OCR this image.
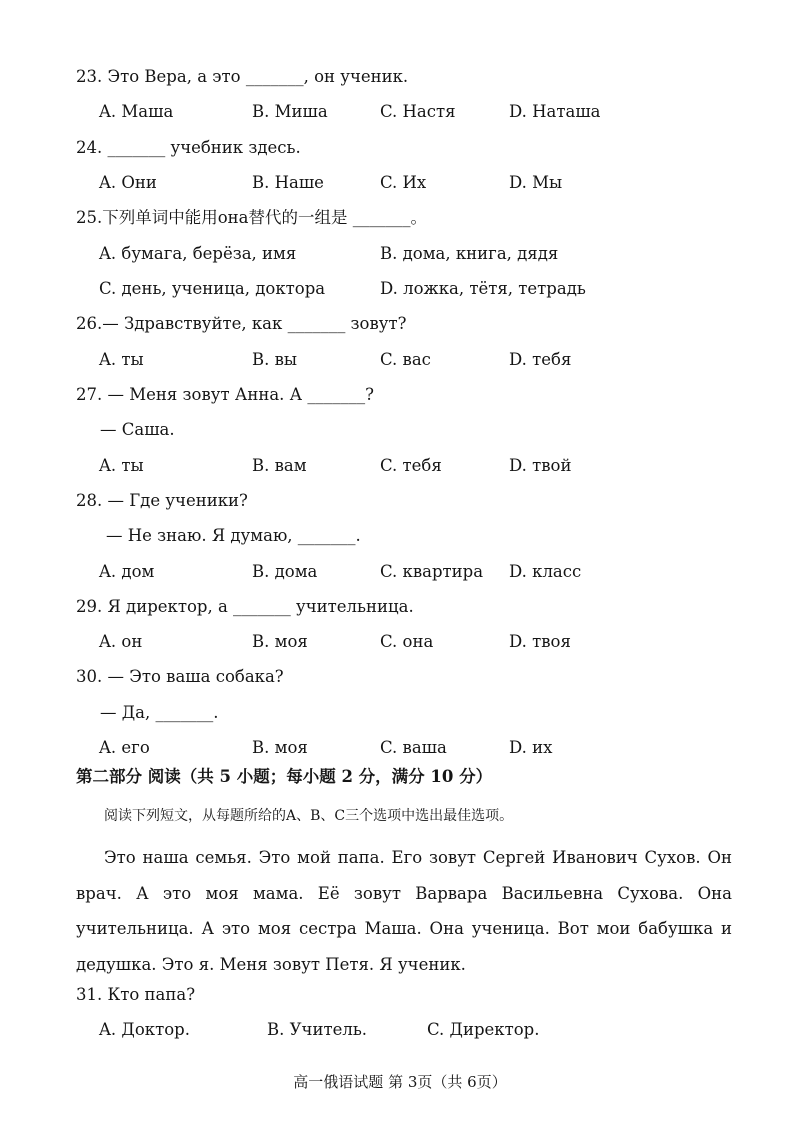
23. Это Вера, а это _______, он ученик.
A. Маша	B. Миша	C. Настя	D. Наташа
24. _______ учебник здесь.
A. Они	B. Наше	C. Их	D. Мы
25.下列单词中能用она替代的一组是 _______。
A. бумага, берёза, имя	B. дома, книга, дядя
C. день, ученица, доктора	D. ложка, тётя, тетрадь
26.— Здравствуйте, как _______ зовут?
A. ты	B. вы	C. вас	D. тебя
27. — Меня зовут Анна. А _______?
— Саша.
A. ты	B. вам	C. тебя	D. твой
28. — Где ученики?
— Не знаю. Я думаю, _______.
A. дом	B. дома	C. квартира D. класс
29. Я директор, а _______ учительница.
A. он	B. моя	C. она	D. твоя
30. — Это ваша собака?
— Да, _______.
A. его	B. моя	C. ваша	D. их
第二部分 阅读（共 5 小题；每小题 2 分，满分 10 分）
阅读下列短文，从每题所给的A、B、C三个选项中选出最佳选项。
Это наша семья. Это мой папа. Его зовут Сергей Иванович Сухов. Он врач. А это моя мама. Её зовут Варвара Васильевна Сухова. Она учительница. А это моя сестра Маша. Она ученица. Вот мои бабушка и дедушка. Это я. Меня зовут Петя. Я ученик.
31. Кто папа?
A. Доктор.	B. Учитель.	C. Директор.
高一俄语试题 第 3页（共 6页）
